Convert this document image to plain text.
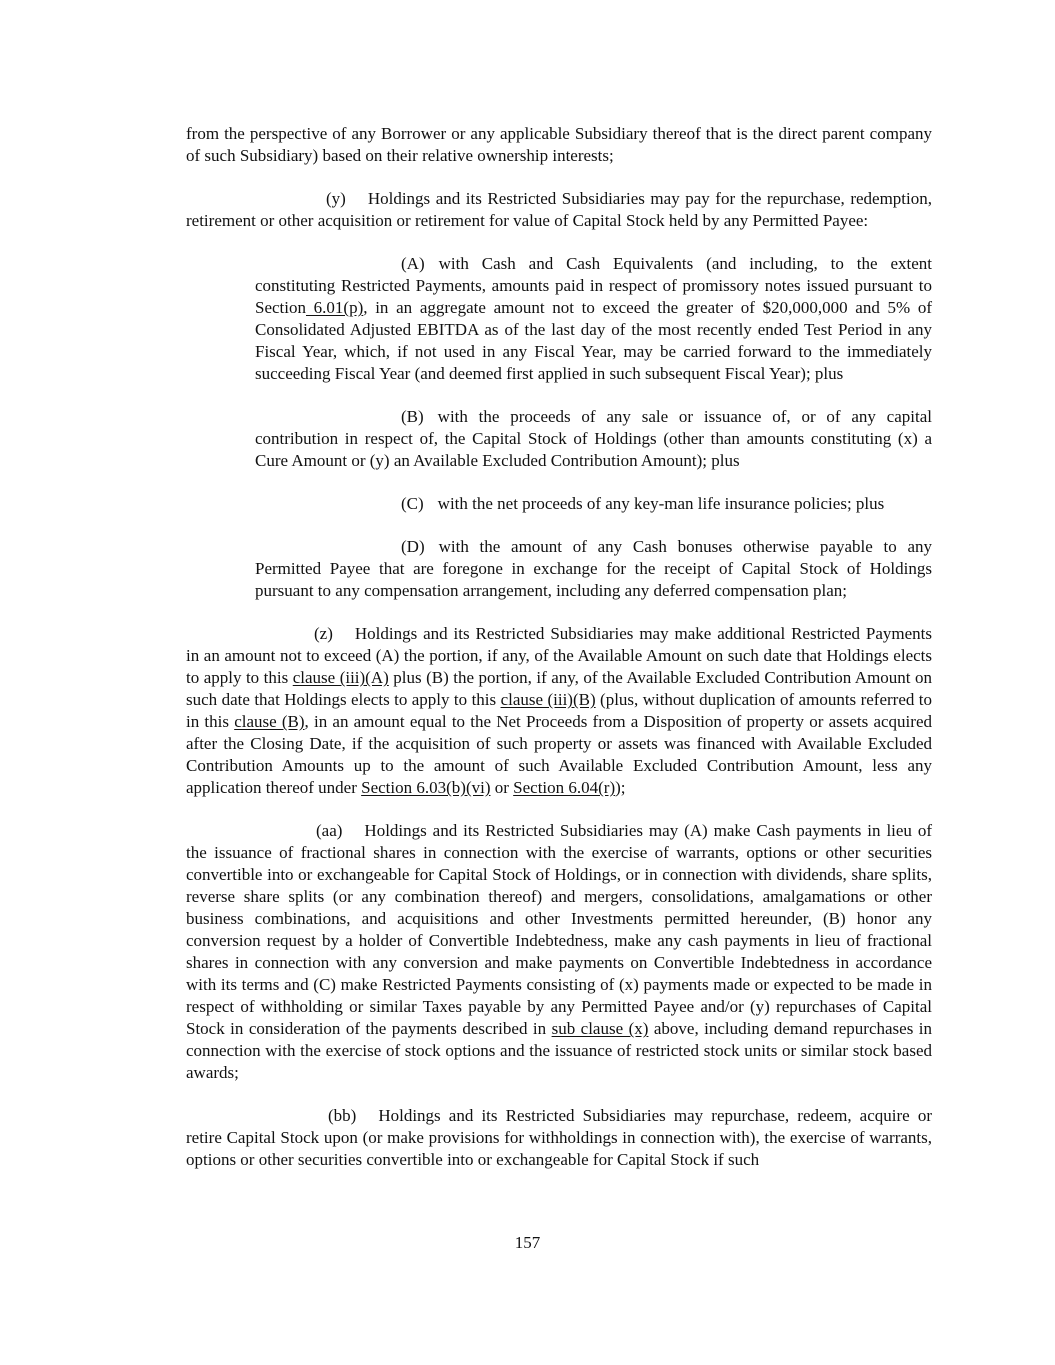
from the perspective of any Borrower or any applicable Subsidiary thereof that is the direct parent company of such Subsidiary) based on their relative ownership interests;

(y) Holdings and its Restricted Subsidiaries may pay for the repurchase, redemption, retirement or other acquisition or retirement for value of Capital Stock held by any Permitted Payee:

(A) with Cash and Cash Equivalents (and including, to the extent constituting Restricted Payments, amounts paid in respect of promissory notes issued pursuant to Section 6.01(p), in an aggregate amount not to exceed the greater of $20,000,000 and 5% of Consolidated Adjusted EBITDA as of the last day of the most recently ended Test Period in any Fiscal Year, which, if not used in any Fiscal Year, may be carried forward to the immediately succeeding Fiscal Year (and deemed first applied in such subsequent Fiscal Year); plus

(B) with the proceeds of any sale or issuance of, or of any capital contribution in respect of, the Capital Stock of Holdings (other than amounts constituting (x) a Cure Amount or (y) an Available Excluded Contribution Amount); plus

(C) with the net proceeds of any key-man life insurance policies; plus

(D) with the amount of any Cash bonuses otherwise payable to any Permitted Payee that are foregone in exchange for the receipt of Capital Stock of Holdings pursuant to any compensation arrangement, including any deferred compensation plan;

(z) Holdings and its Restricted Subsidiaries may make additional Restricted Payments in an amount not to exceed (A) the portion, if any, of the Available Amount on such date that Holdings elects to apply to this clause (iii)(A) plus (B) the portion, if any, of the Available Excluded Contribution Amount on such date that Holdings elects to apply to this clause (iii)(B) (plus, without duplication of amounts referred to in this clause (B), in an amount equal to the Net Proceeds from a Disposition of property or assets acquired after the Closing Date, if the acquisition of such property or assets was financed with Available Excluded Contribution Amounts up to the amount of such Available Excluded Contribution Amount, less any application thereof under Section 6.03(b)(vi) or Section 6.04(r));

(aa) Holdings and its Restricted Subsidiaries may (A) make Cash payments in lieu of the issuance of fractional shares in connection with the exercise of warrants, options or other securities convertible into or exchangeable for Capital Stock of Holdings, or in connection with dividends, share splits, reverse share splits (or any combination thereof) and mergers, consolidations, amalgamations or other business combinations, and acquisitions and other Investments permitted hereunder, (B) honor any conversion request by a holder of Convertible Indebtedness, make any cash payments in lieu of fractional shares in connection with any conversion and make payments on Convertible Indebtedness in accordance with its terms and (C) make Restricted Payments consisting of (x) payments made or expected to be made in respect of withholding or similar Taxes payable by any Permitted Payee and/or (y) repurchases of Capital Stock in consideration of the payments described in sub clause (x) above, including demand repurchases in connection with the exercise of stock options and the issuance of restricted stock units or similar stock based awards;

(bb) Holdings and its Restricted Subsidiaries may repurchase, redeem, acquire or retire Capital Stock upon (or make provisions for withholdings in connection with), the exercise of warrants, options or other securities convertible into or exchangeable for Capital Stock if such

157
